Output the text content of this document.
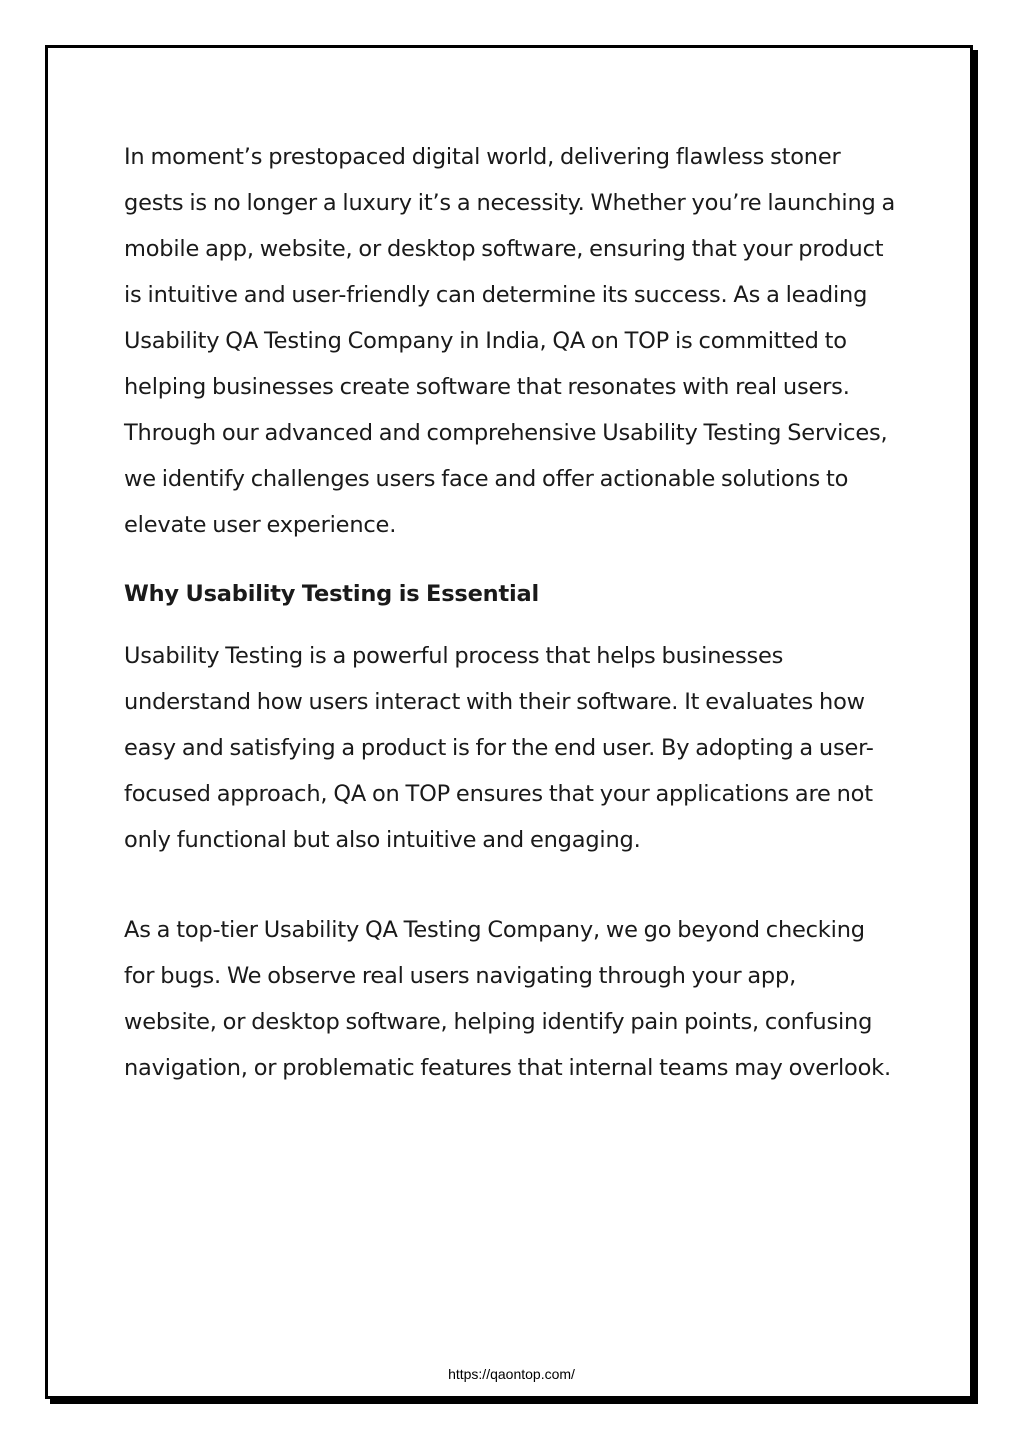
In moment’s prestopaced digital world, delivering flawless stoner
gests is no longer a luxury it’s a necessity. Whether you’re launching a
mobile app, website, or desktop software, ensuring that your product
is intuitive and user-friendly can determine its success. As a leading
Usability QA Testing Company in India, QA on TOP is committed to
helping businesses create software that resonates with real users.
Through our advanced and comprehensive Usability Testing Services,
we identify challenges users face and offer actionable solutions to
elevate user experience.
Why Usability Testing is Essential
Usability Testing is a powerful process that helps businesses
understand how users interact with their software. It evaluates how
easy and satisfying a product is for the end user. By adopting a user-
focused approach, QA on TOP ensures that your applications are not
only functional but also intuitive and engaging.
As a top-tier Usability QA Testing Company, we go beyond checking
for bugs. We observe real users navigating through your app,
website, or desktop software, helping identify pain points, confusing
navigation, or problematic features that internal teams may overlook.
https://qaontop.com/
